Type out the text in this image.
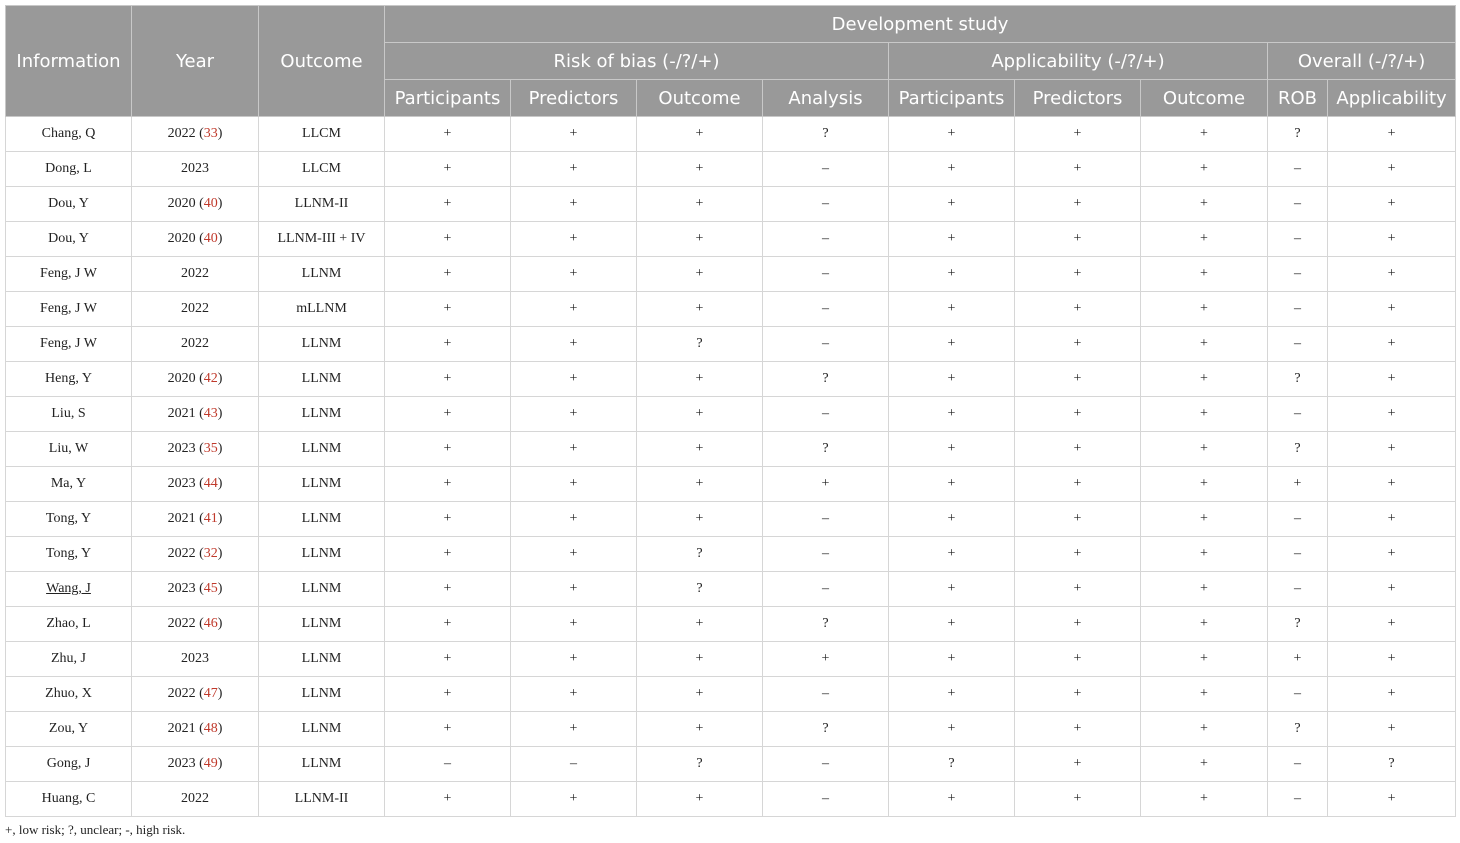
Information	Year	Outcome	Development study								
			Risk of bias (-/?/+)				Applicability (-/?/+)			Overall (-/?/+)	
			Participants	Predictors	Outcome	Analysis	Participants	Predictors	Outcome	ROB	Applicability
Chang, Q	2022 (33)	LLCM	+	+	+	?	+	+	+	?	+
Dong, L	2023	LLCM	+	+	+	–	+	+	+	–	+
Dou, Y	2020 (40)	LLNM-II	+	+	+	–	+	+	+	–	+
Dou, Y	2020 (40)	LLNM-III + IV	+	+	+	–	+	+	+	–	+
Feng, J W	2022	LLNM	+	+	+	–	+	+	+	–	+
Feng, J W	2022	mLLNM	+	+	+	–	+	+	+	–	+
Feng, J W	2022	LLNM	+	+	?	–	+	+	+	–	+
Heng, Y	2020 (42)	LLNM	+	+	+	?	+	+	+	?	+
Liu, S	2021 (43)	LLNM	+	+	+	–	+	+	+	–	+
Liu, W	2023 (35)	LLNM	+	+	+	?	+	+	+	?	+
Ma, Y	2023 (44)	LLNM	+	+	+	+	+	+	+	+	+
Tong, Y	2021 (41)	LLNM	+	+	+	–	+	+	+	–	+
Tong, Y	2022 (32)	LLNM	+	+	?	–	+	+	+	–	+
Wang, J	2023 (45)	LLNM	+	+	?	–	+	+	+	–	+
Zhao, L	2022 (46)	LLNM	+	+	+	?	+	+	+	?	+
Zhu, J	2023	LLNM	+	+	+	+	+	+	+	+	+
Zhuo, X	2022 (47)	LLNM	+	+	+	–	+	+	+	–	+
Zou, Y	2021 (48)	LLNM	+	+	+	?	+	+	+	?	+
Gong, J	2023 (49)	LLNM	–	–	?	–	?	+	+	–	?
Huang, C	2022	LLNM-II	+	+	+	–	+	+	+	–	+
+, low risk; ?, unclear; -, high risk.
